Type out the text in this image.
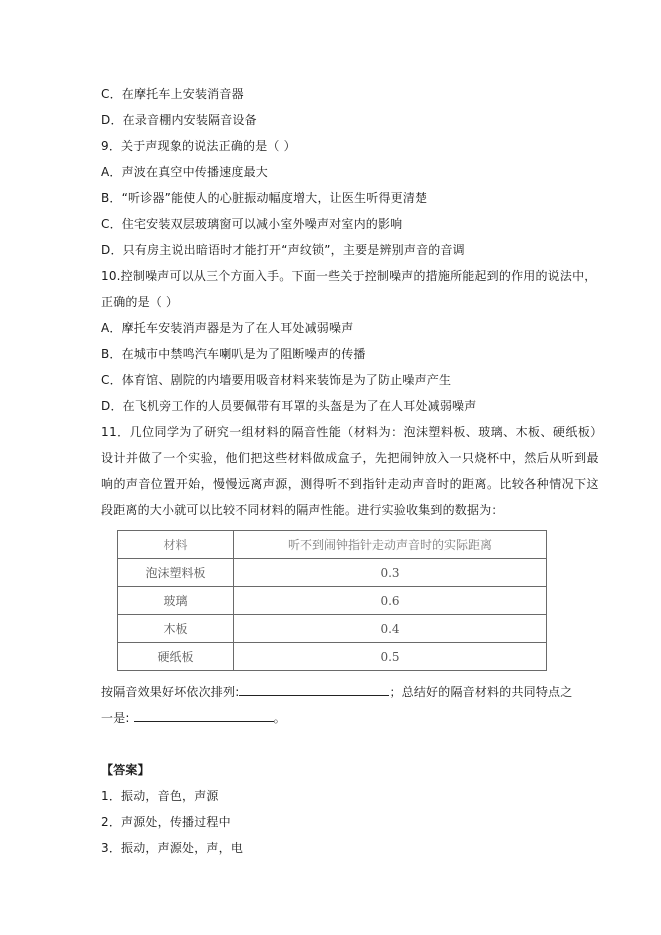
C．在摩托车上安装消音器
D．在录音棚内安装隔音设备
9．关于声现象的说法正确的是（ ）
A．声波在真空中传播速度最大
B．“听诊器”能使人的心脏振动幅度增大，让医生听得更清楚
C．住宅安装双层玻璃窗可以减小室外噪声对室内的影响
D．只有房主说出暗语时才能打开“声纹锁”，主要是辨别声音的音调
10.控制噪声可以从三个方面入手。下面一些关于控制噪声的措施所能起到的作用的说法中，
正确的是（ ）
A．摩托车安装消声器是为了在人耳处减弱噪声
B．在城市中禁鸣汽车喇叭是为了阻断噪声的传播
C．体育馆、剧院的内墙要用吸音材料来装饰是为了防止噪声产生
D．在飞机旁工作的人员要佩带有耳罩的头盔是为了在人耳处减弱噪声
11．几位同学为了研究一组材料的隔音性能（材料为：泡沫塑料板、玻璃、木板、硬纸板）
设计并做了一个实验，他们把这些材料做成盒子，先把闹钟放入一只烧杯中，然后从听到最
响的声音位置开始，慢慢远离声源，测得听不到指针走动声音时的距离。比较各种情况下这
段距离的大小就可以比较不同材料的隔声性能。进行实验收集到的数据为：
材料	听不到闹钟指针走动声音时的实际距离
泡沫塑料板	0.3
玻璃	0.6
木板	0.4
硬纸板	0.5
按隔音效果好坏依次排列:	；总结好的隔音材料的共同特点之
一是:	。
【答案】
1．振动，音色，声源
2．声源处，传播过程中
3．振动，声源处，声，电
